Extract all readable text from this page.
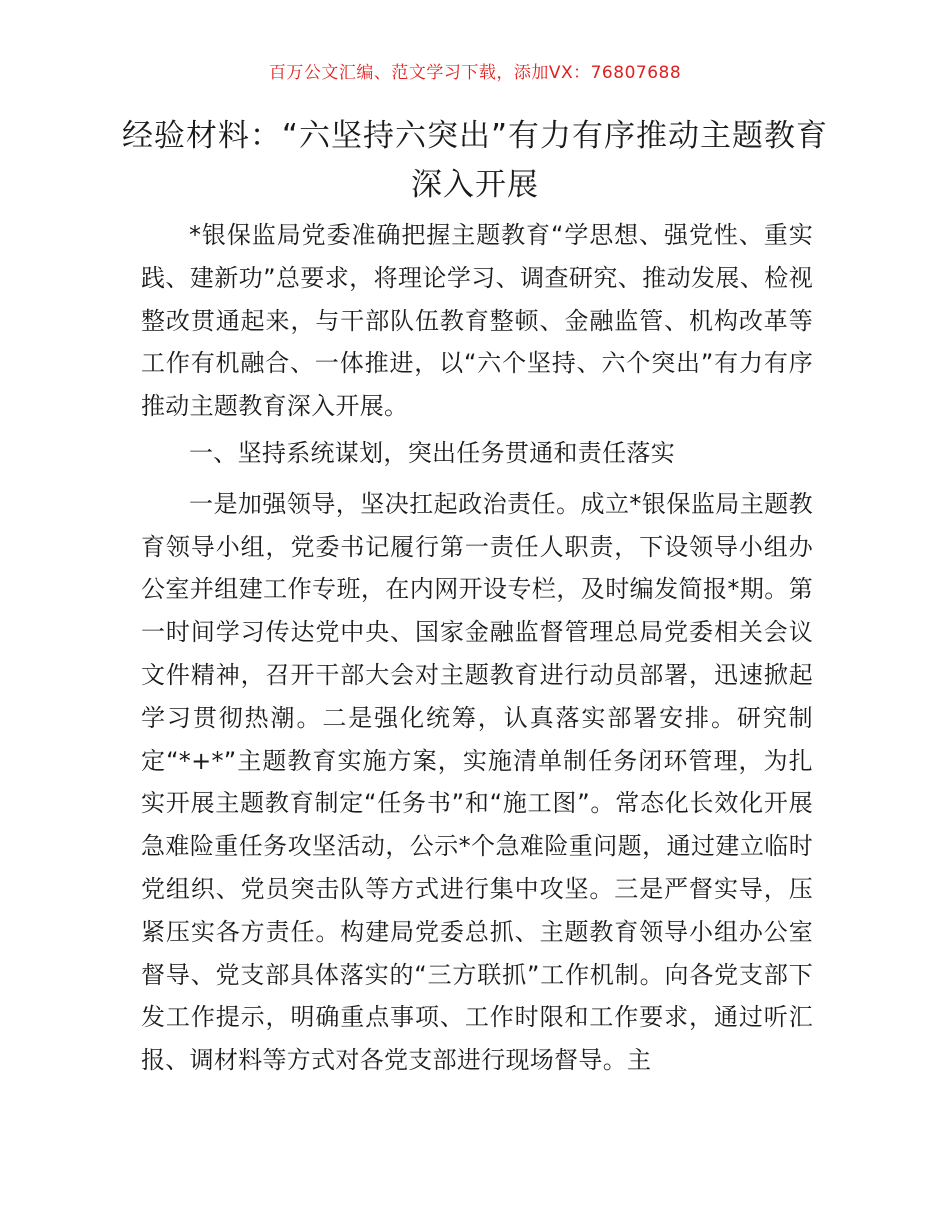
百万公文汇编、范文学习下载，添加VX：76807688
经验材料：“六坚持六突出”有力有序推动主题教育深入开展

*银保监局党委准确把握主题教育“学思想、强党性、重实践、建新功”总要求，将理论学习、调查研究、推动发展、检视整改贯通起来，与干部队伍教育整顿、金融监管、机构改革等工作有机融合、一体推进，以“六个坚持、六个突出”有力有序推动主题教育深入开展。

一、坚持系统谋划，突出任务贯通和责任落实

一是加强领导，坚决扛起政治责任。成立*银保监局主题教育领导小组，党委书记履行第一责任人职责，下设领导小组办公室并组建工作专班，在内网开设专栏，及时编发简报*期。第一时间学习传达党中央、国家金融监督管理总局党委相关会议文件精神，召开干部大会对主题教育进行动员部署，迅速掀起学习贯彻热潮。二是强化统筹，认真落实部署安排。研究制定“*+*”主题教育实施方案，实施清单制任务闭环管理，为扎实开展主题教育制定“任务书”和“施工图”。常态化长效化开展急难险重任务攻坚活动，公示*个急难险重问题，通过建立临时党组织、党员突击队等方式进行集中攻坚。三是严督实导，压紧压实各方责任。构建局党委总抓、主题教育领导小组办公室督导、党支部具体落实的“三方联抓”工作机制。向各党支部下发工作提示，明确重点事项、工作时限和工作要求，通过听汇报、调材料等方式对各党支部进行现场督导。主
